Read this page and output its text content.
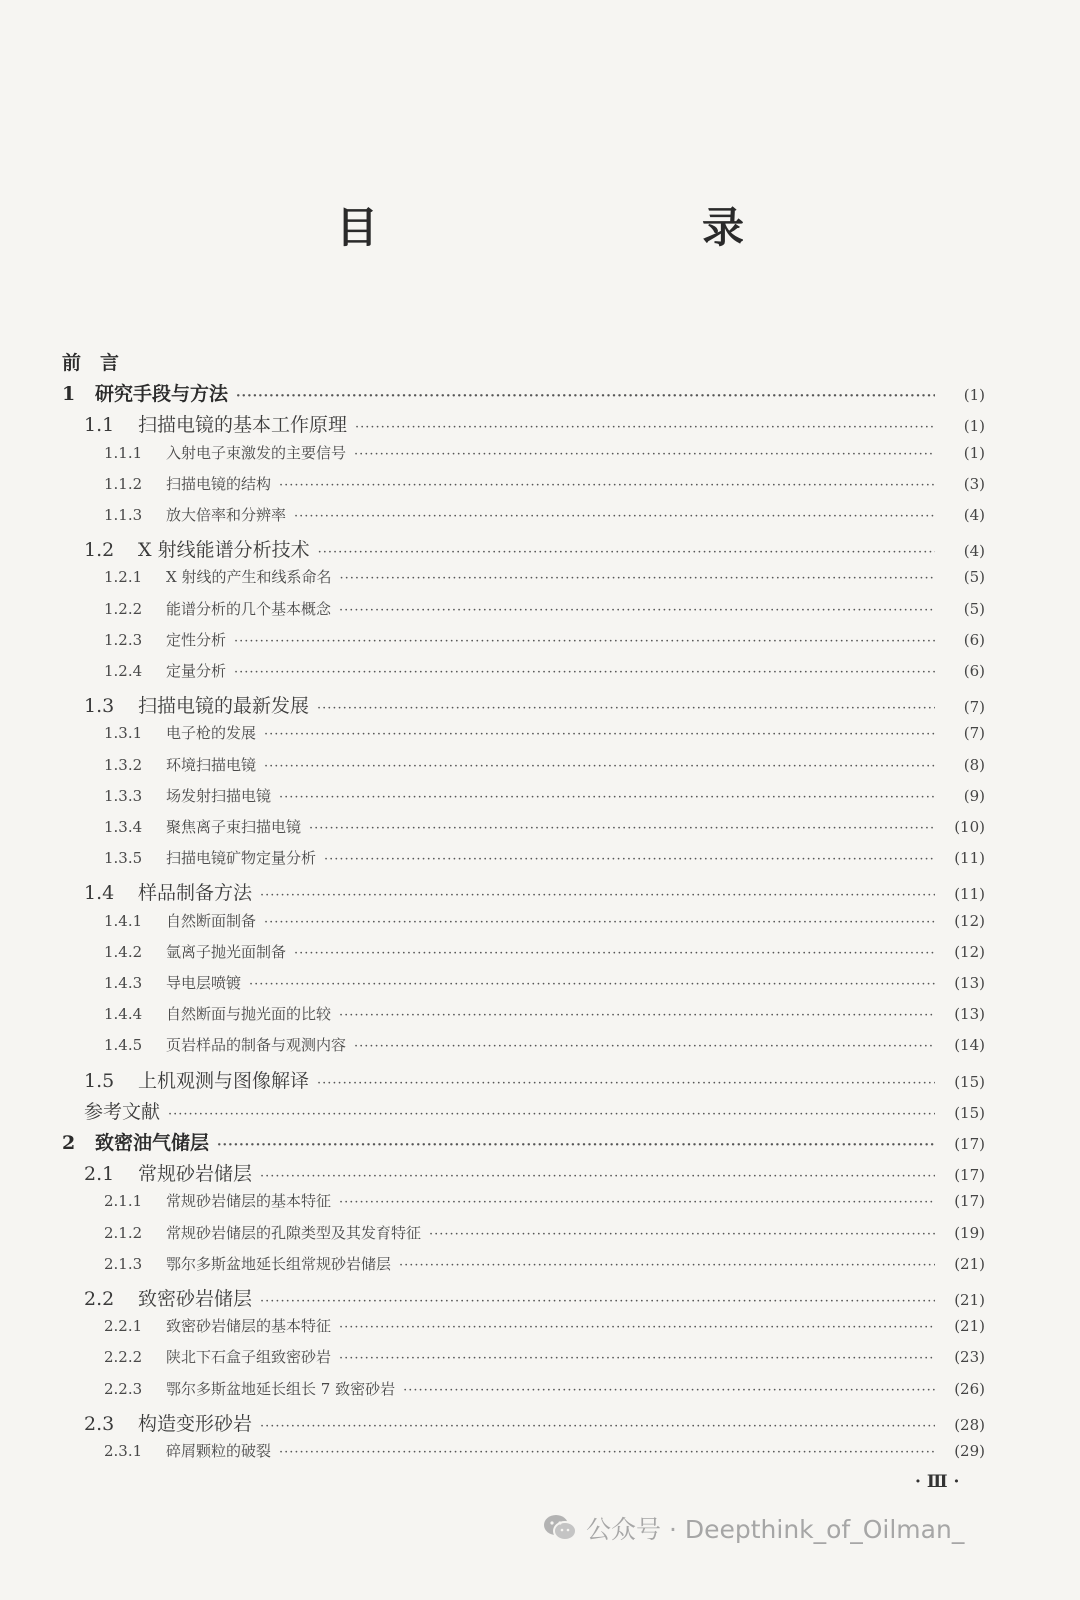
目　　录
前　言
1	研究手段与方法 ·····	(1)
1.1	扫描电镜的基本工作原理 ·····	(1)
1.1.1	入射电子束激发的主要信号 ·····	(1)
1.1.2	扫描电镜的结构 ·····	(3)
1.1.3	放大倍率和分辨率 ·····	(4)
1.2	X 射线能谱分析技术 ·····	(4)
1.2.1	X 射线的产生和线系命名 ·····	(5)
1.2.2	能谱分析的几个基本概念 ·····	(5)
1.2.3	定性分析 ·····	(6)
1.2.4	定量分析 ·····	(6)
1.3	扫描电镜的最新发展 ·····	(7)
1.3.1	电子枪的发展 ·····	(7)
1.3.2	环境扫描电镜 ·····	(8)
1.3.3	场发射扫描电镜 ·····	(9)
1.3.4	聚焦离子束扫描电镜 ·····	(10)
1.3.5	扫描电镜矿物定量分析 ·····	(11)
1.4	样品制备方法 ·····	(11)
1.4.1	自然断面制备 ·····	(12)
1.4.2	氩离子抛光面制备 ·····	(12)
1.4.3	导电层喷镀 ·····	(13)
1.4.4	自然断面与抛光面的比较 ·····	(13)
1.4.5	页岩样品的制备与观测内容 ·····	(14)
1.5	上机观测与图像解译 ·····	(15)
参考文献 ·····	(15)
2	致密油气储层 ·····	(17)
2.1	常规砂岩储层 ·····	(17)
2.1.1	常规砂岩储层的基本特征 ·····	(17)
2.1.2	常规砂岩储层的孔隙类型及其发育特征 ·····	(19)
2.1.3	鄂尔多斯盆地延长组常规砂岩储层 ·····	(21)
2.2	致密砂岩储层 ·····	(21)
2.2.1	致密砂岩储层的基本特征 ·····	(21)
2.2.2	陕北下石盒子组致密砂岩 ·····	(23)
2.2.3	鄂尔多斯盆地延长组长 7 致密砂岩 ·····	(26)
2.3	构造变形砂岩 ·····	(28)
2.3.1	碎屑颗粒的破裂 ·····	(29)
· Ⅲ ·
公众号 · Deepthink_of_Oilman_
